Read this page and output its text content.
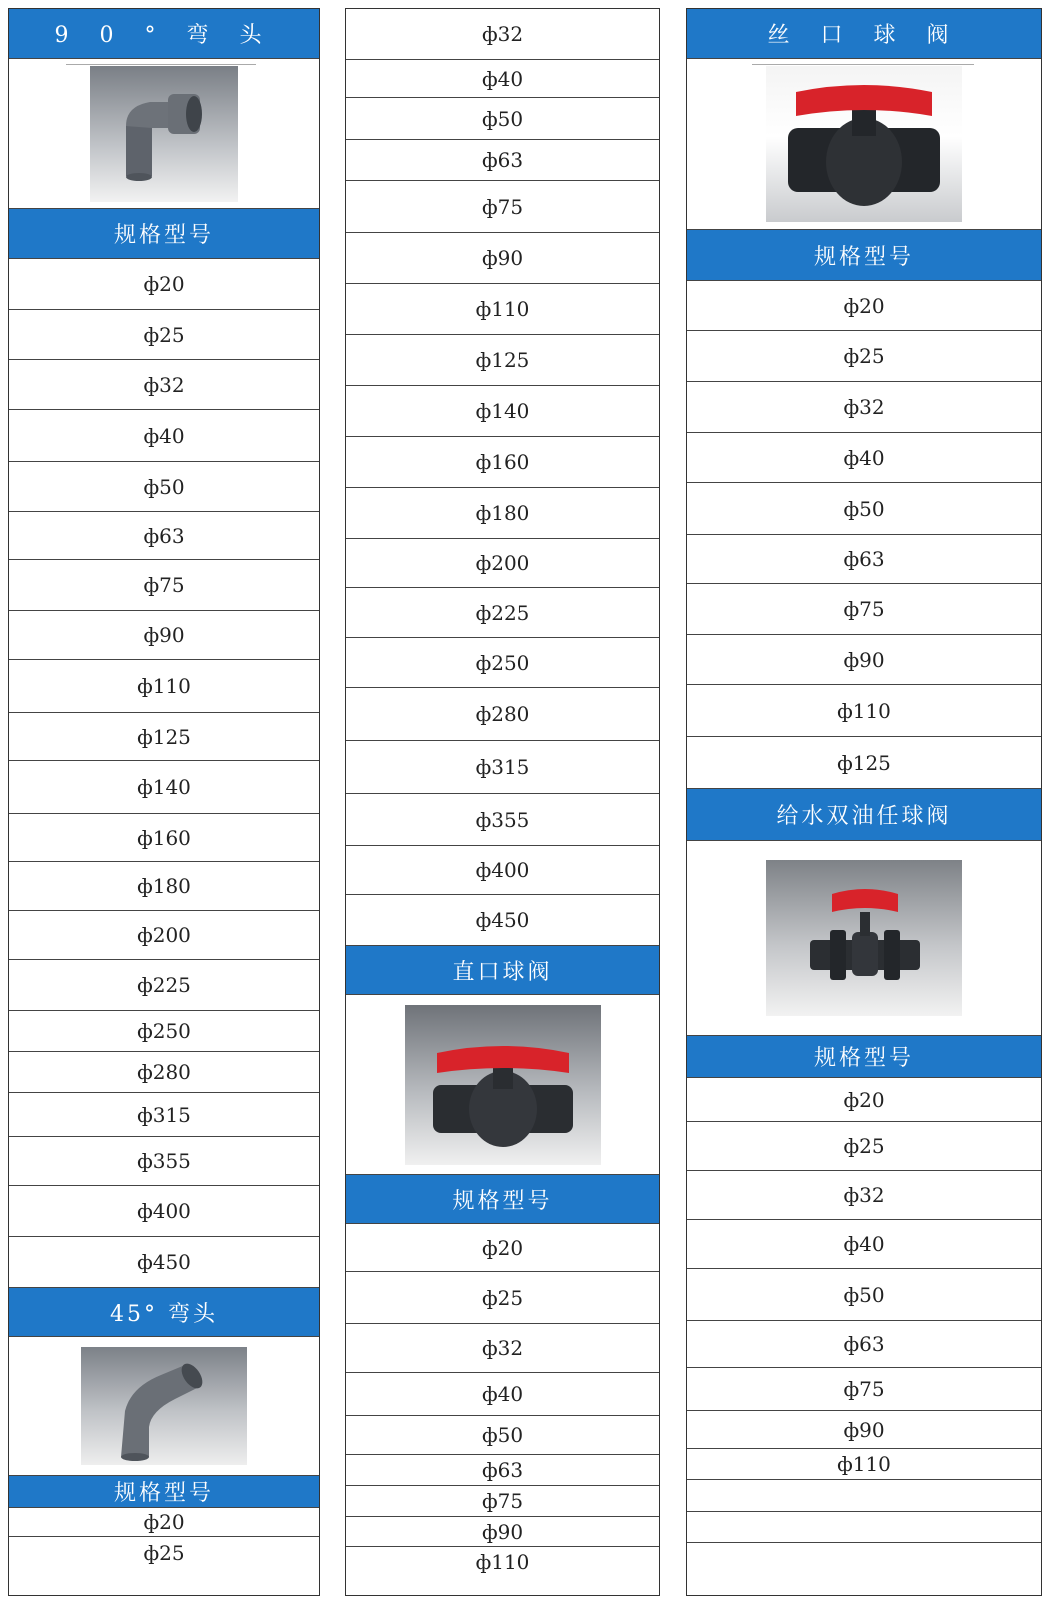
9 0 ° 弯 头
规格型号
ф20
ф25
ф32
ф40
ф50
ф63
ф75
ф90
ф110
ф125
ф140
ф160
ф180
ф200
ф225
ф250
ф280
ф315
ф355
ф400
ф450
45° 弯头
规格型号
ф20
ф25
ф32
ф40
ф50
ф63
ф75
ф90
ф110
ф125
ф140
ф160
ф180
ф200
ф225
ф250
ф280
ф315
ф355
ф400
ф450
直口球阀
规格型号
ф20
ф25
ф32
ф40
ф50
ф63
ф75
ф90
ф110
丝 口 球 阀
规格型号
ф20
ф25
ф32
ф40
ф50
ф63
ф75
ф90
ф110
ф125
给水双油任球阀
规格型号
ф20
ф25
ф32
ф40
ф50
ф63
ф75
ф90
ф110
